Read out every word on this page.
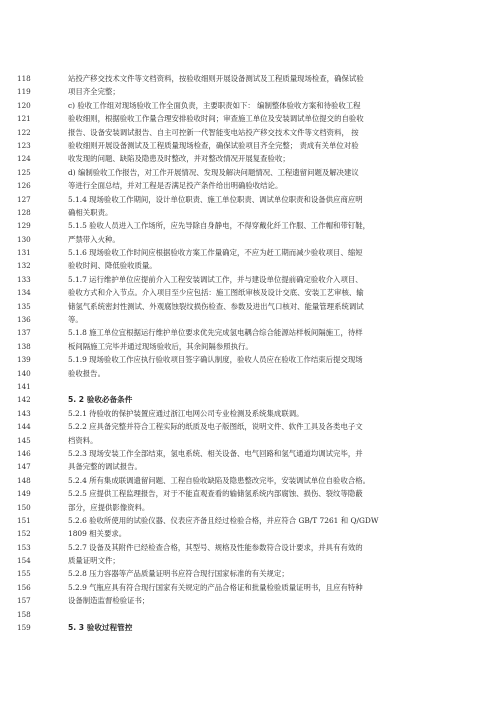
118	站投产移交技术文件等文档资料，按验收细则开展设备测试及工程质量现场检查，确保试验
119	项目齐全完整；
120	c) 验收工作组对现场验收工作全面负责，主要职责如下： 编制整体验收方案和待验收工程
121	验收细则，根据验收工作量合理安排验收时间；审查施工单位及安装调试单位提交的自验收
122	报告、设备安装调试报告、自主可控新一代智能变电站投产移交技术文件等文档资料， 按
123	验收细则开展设备测试及工程质量现场检查，确保试验项目齐全完整； 责成有关单位对验
124	收发现的问题、缺陷及隐患及时整改，并对整改情况开展复查验收；
125	d) 编制验收工作报告，对工作开展情况、发现及解决问题情况、工程遗留问题及解决建议
126	等进行全面总结，并对工程是否满足投产条件给出明确验收结论。
127	5.1.4 现场验收工作期间，设计单位职责、施工单位职责、调试单位职责和设备供应商应明
128	确相关职责。
129	5.1.5 验收人员进入工作场所，应先导除自身静电，不得穿戴化纤工作服、工作帽和带钉鞋，
130	严禁带入火种。
131	5.1.6 现场验收工作时间应根据验收方案工作量确定，不应为赶工期而减少验收项目、缩短
132	验收时间、降低验收质量。
133	5.1.7 运行维护单位应提前介入工程安装调试工作，并与建设单位提前确定验收介入项目、
134	验收方式和介入节点。介入项目至少应包括：施工图纸审核及设计交底、安装工艺审核、输
135	储氢气系统密封性测试、外观腐蚀裂纹损伤检查、参数及进出气口核对、能量管理系统调试
136	等。
137	5.1.8 施工单位宜根据运行维护单位要求优先完成氢电耦合综合能源站样板间隔施工，待样
138	板间隔施工完毕并通过现场验收后，其余间隔参照执行。
139	5.1.9 现场验收工作应执行验收项目签字确认制度，验收人员应在验收工作结束后提交现场
140	验收报告。
141
142	5. 2 验收必备条件
143	5.2.1 待验收的保护装置应通过浙江电网公司专业检测及系统集成联调。
144	5.2.2 应具备完整并符合工程实际的纸质及电子版图纸，说明文件、软件工具及各类电子文
145	档资料。
146	5.2.3 现场安装工作全部结束，氢电系统、相关设备、电气回路和氢气通道均调试完毕，并
147	具备完整的调试报告。
148	5.2.4 所有集成联调遗留问题、工程自验收缺陷及隐患整改完毕，安装调试单位自验收合格。
149	5.2.5 应提供工程监理报告，对于不能直观查看的输储氢系统内部腐蚀、损伤、裂纹等隐蔽
150	部分，应提供影像资料。
151	5.2.6 验收所使用的试验仪器、仪表应齐备且经过检验合格，并应符合 GB/T 7261 和 Q/GDW
152	1809 相关要求。
153	5.2.7 设备及其附件已经检查合格，其型号、规格及性能参数符合设计要求，并具有有效的
154	质量证明文件；
155	5.2.8 压力容器等产品质量证明书应符合现行国家标准的有关规定；
156	5.2.9 气瓶应具有符合现行国家有关规定的产品合格证和批量检验质量证明书，且应有特种
157	设备制造监督检验证书；
158
159	5. 3 验收过程管控
